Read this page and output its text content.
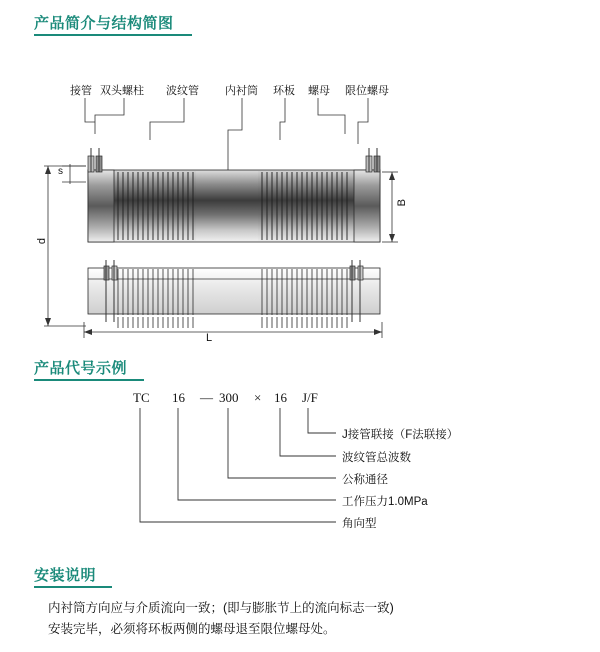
产品简介与结构简图
产品代号示例
安装说明
接管 双头螺柱 波纹管 内衬筒 环板 螺母 限位螺母
s
d
B
L
TC 16 — 300 × 16 J/F
J接管联接（F法联接）
波纹管总波数
公称通径
工作压力1.0MPa
角向型
内衬筒方向应与介质流向一致；(即与膨胀节上的流向标志一致)
安装完毕，必须将环板两侧的螺母退至限位螺母处。
